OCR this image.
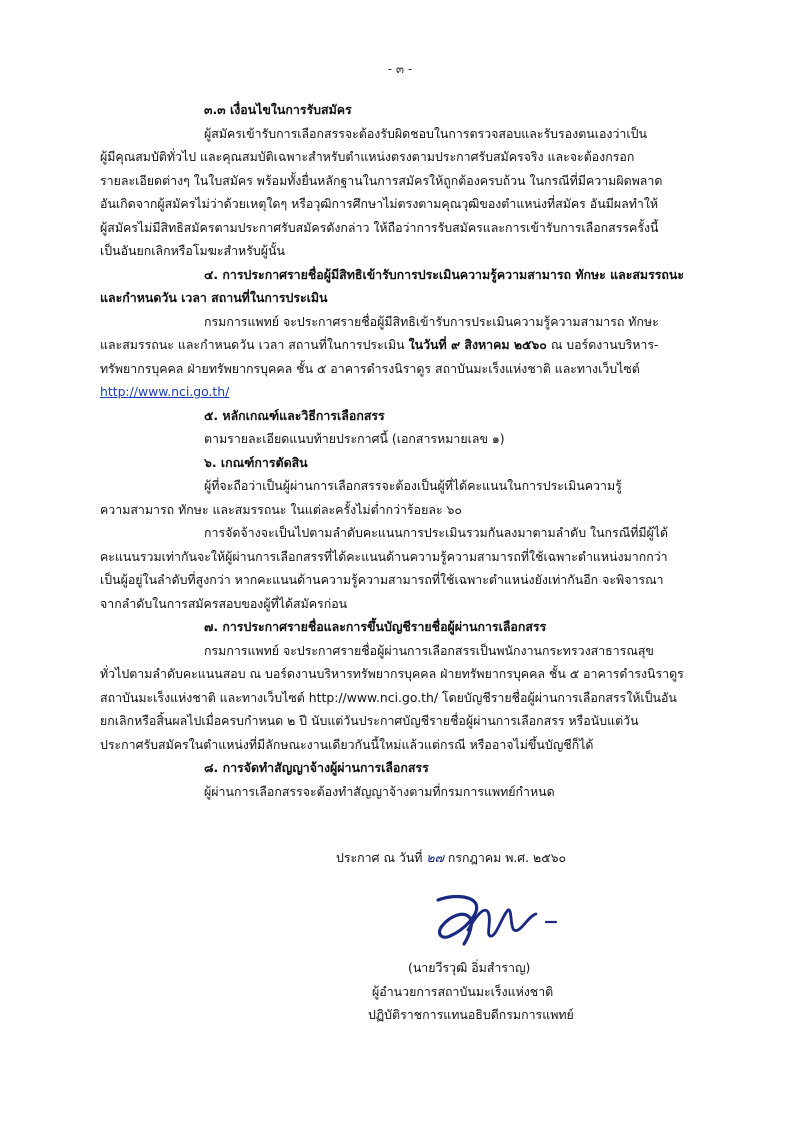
- ๓ -
๓.๓ เงื่อนไขในการรับสมัคร
ผู้สมัครเข้ารับการเลือกสรรจะต้องรับผิดชอบในการตรวจสอบและรับรองตนเองว่าเป็น
ผู้มีคุณสมบัติทั่วไป และคุณสมบัติเฉพาะสำหรับตำแหน่งตรงตามประกาศรับสมัครจริง และจะต้องกรอก
รายละเอียดต่างๆ ในใบสมัคร พร้อมทั้งยื่นหลักฐานในการสมัครให้ถูกต้องครบถ้วน ในกรณีที่มีความผิดพลาด
อันเกิดจากผู้สมัครไม่ว่าด้วยเหตุใดๆ หรือวุฒิการศึกษาไม่ตรงตามคุณวุฒิของตำแหน่งที่สมัคร อันมีผลทำให้
ผู้สมัครไม่มีสิทธิสมัครตามประกาศรับสมัครดังกล่าว ให้ถือว่าการรับสมัครและการเข้ารับการเลือกสรรครั้งนี้
เป็นอันยกเลิกหรือโมฆะสำหรับผู้นั้น
๔. การประกาศรายชื่อผู้มีสิทธิเข้ารับการประเมินความรู้ความสามารถ ทักษะ และสมรรถนะ
และกำหนดวัน เวลา สถานที่ในการประเมิน
กรมการแพทย์ จะประกาศรายชื่อผู้มีสิทธิเข้ารับการประเมินความรู้ความสามารถ ทักษะ
และสมรรถนะ และกำหนดวัน เวลา สถานที่ในการประเมิน ในวันที่ ๙ สิงหาคม ๒๕๖๐ ณ บอร์ดงานบริหาร-
ทรัพยากรบุคคล ฝ่ายทรัพยากรบุคคล ชั้น ๕ อาคารดำรงนิราดูร สถาบันมะเร็งแห่งชาติ และทางเว็บไซต์
http://www.nci.go.th/
๕. หลักเกณฑ์และวิธีการเลือกสรร
ตามรายละเอียดแนบท้ายประกาศนี้ (เอกสารหมายเลข ๑)
๖. เกณฑ์การตัดสิน
ผู้ที่จะถือว่าเป็นผู้ผ่านการเลือกสรรจะต้องเป็นผู้ที่ได้คะแนนในการประเมินความรู้
ความสามารถ ทักษะ และสมรรถนะ ในแต่ละครั้งไม่ต่ำกว่าร้อยละ ๖๐
การจัดจ้างจะเป็นไปตามลำดับคะแนนการประเมินรวมกันลงมาตามลำดับ ในกรณีที่มีผู้ได้
คะแนนรวมเท่ากันจะให้ผู้ผ่านการเลือกสรรที่ได้คะแนนด้านความรู้ความสามารถที่ใช้เฉพาะตำแหน่งมากกว่า
เป็นผู้อยู่ในลำดับที่สูงกว่า หากคะแนนด้านความรู้ความสามารถที่ใช้เฉพาะตำแหน่งยังเท่ากันอีก จะพิจารณา
จากลำดับในการสมัครสอบของผู้ที่ได้สมัครก่อน
๗. การประกาศรายชื่อและการขึ้นบัญชีรายชื่อผู้ผ่านการเลือกสรร
กรมการแพทย์ จะประกาศรายชื่อผู้ผ่านการเลือกสรรเป็นพนักงานกระทรวงสาธารณสุข
ทั่วไปตามลำดับคะแนนสอบ ณ บอร์ดงานบริหารทรัพยากรบุคคล ฝ่ายทรัพยากรบุคคล ชั้น ๕ อาคารดำรงนิราดูร
สถาบันมะเร็งแห่งชาติ และทางเว็บไซต์ http://www.nci.go.th/ โดยบัญชีรายชื่อผู้ผ่านการเลือกสรรให้เป็นอัน
ยกเลิกหรือสิ้นผลไปเมื่อครบกำหนด ๒ ปี นับแต่วันประกาศบัญชีรายชื่อผู้ผ่านการเลือกสรร หรือนับแต่วัน
ประกาศรับสมัครในตำแหน่งที่มีลักษณะงานเดียวกันนี้ใหม่แล้วแต่กรณี หรืออาจไม่ขึ้นบัญชีก็ได้
๘. การจัดทำสัญญาจ้างผู้ผ่านการเลือกสรร
ผู้ผ่านการเลือกสรรจะต้องทำสัญญาจ้างตามที่กรมการแพทย์กำหนด
ประกาศ ณ วันที่ ๒๗ กรกฎาคม พ.ศ. ๒๕๖๐
(นายวีรวุฒิ อิ่มสำราญ)
ผู้อำนวยการสถาบันมะเร็งแห่งชาติ
ปฏิบัติราชการแทนอธิบดีกรมการแพทย์
